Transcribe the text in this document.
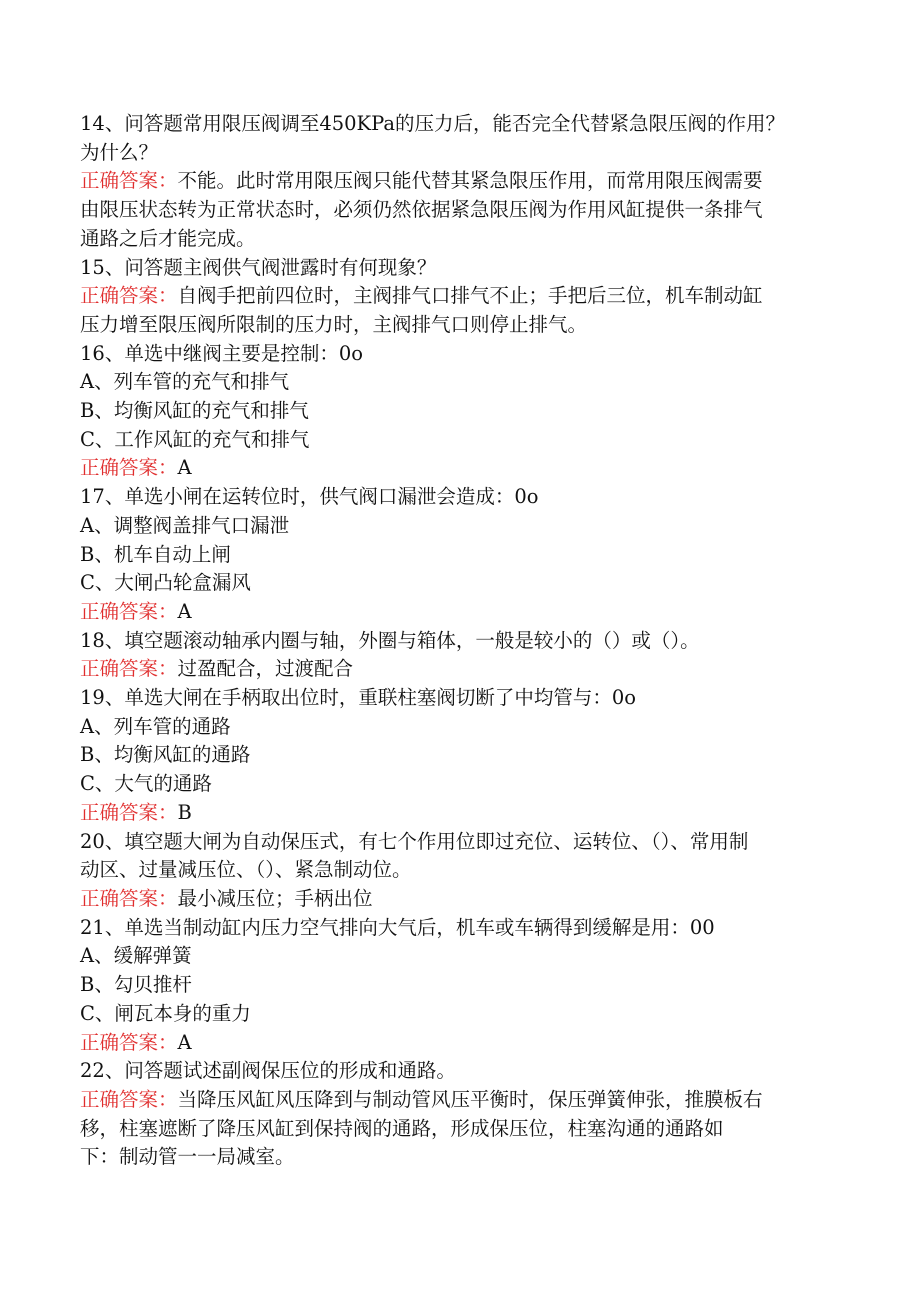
14、问答题常用限压阀调至450KPa的压力后，能否完全代替紧急限压阀的作用？
为什么？
正确答案：不能。此时常用限压阀只能代替其紧急限压作用，而常用限压阀需要
由限压状态转为正常状态时，必须仍然依据紧急限压阀为作用风缸提供一条排气
通路之后才能完成。
15、问答题主阀供气阀泄露时有何现象？
正确答案：自阀手把前四位时，主阀排气口排气不止；手把后三位，机车制动缸
压力增至限压阀所限制的压力时，主阀排气口则停止排气。
16、单选中继阀主要是控制：0o
A、列车管的充气和排气
B、均衡风缸的充气和排气
C、工作风缸的充气和排气
正确答案：A
17、单选小闸在运转位时，供气阀口漏泄会造成：0o
A、调整阀盖排气口漏泄
B、机车自动上闸
C、大闸凸轮盒漏风
正确答案：A
18、填空题滚动轴承内圈与轴，外圈与箱体，一般是较小的（）或（）。
正确答案：过盈配合，过渡配合
19、单选大闸在手柄取出位时，重联柱塞阀切断了中均管与：0o
A、列车管的通路
B、均衡风缸的通路
C、大气的通路
正确答案：B
20、填空题大闸为自动保压式，有七个作用位即过充位、运转位、（）、常用制
动区、过量减压位、（）、紧急制动位。
正确答案：最小减压位；手柄出位
21、单选当制动缸内压力空气排向大气后，机车或车辆得到缓解是用：00
A、缓解弹簧
B、勾贝推杆
C、闸瓦本身的重力
正确答案：A
22、问答题试述副阀保压位的形成和通路。
正确答案：当降压风缸风压降到与制动管风压平衡时，保压弹簧伸张，推膜板右
移，柱塞遮断了降压风缸到保持阀的通路，形成保压位，柱塞沟通的通路如
下：制动管一一局减室。
